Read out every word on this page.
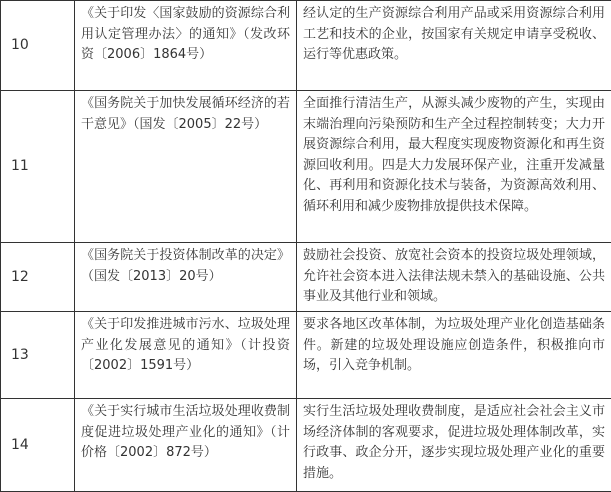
10	《关于印发〈国家鼓励的资源综合利用认定管理办法〉的通知》（发改环资〔2006〕1864号）	经认定的生产资源综合利用产品或采用资源综合利用工艺和技术的企业，按国家有关规定申请享受税收、运行等优惠政策。
11	《国务院关于加快发展循环经济的若干意见》（国发〔2005〕22号）	全面推行清洁生产，从源头减少废物的产生，实现由末端治理向污染预防和生产全过程控制转变；大力开展资源综合利用，最大程度实现废物资源化和再生资源回收利用。四是大力发展环保产业，注重开发减量化、再利用和资源化技术与装备，为资源高效利用、循环利用和减少废物排放提供技术保障。
12	《国务院关于投资体制改革的决定》（国发〔2013〕20号）	鼓励社会投资、放宽社会资本的投资垃圾处理领域，允许社会资本进入法律法规未禁入的基础设施、公共事业及其他行业和领域。
13	《关于印发推进城市污水、垃圾处理产业化发展意见的通知》（计投资〔2002〕1591号）	要求各地区改革体制，为垃圾处理产业化创造基础条件。新建的垃圾处理设施应创造条件，积极推向市场，引入竞争机制。
14	《关于实行城市生活垃圾处理收费制度促进垃圾处理产业化的通知》（计价格〔2002〕872号）	实行生活垃圾处理收费制度，是适应社会社会主义市场经济体制的客观要求，促进垃圾处理体制改革，实行政事、政企分开，逐步实现垃圾处理产业化的重要措施。
